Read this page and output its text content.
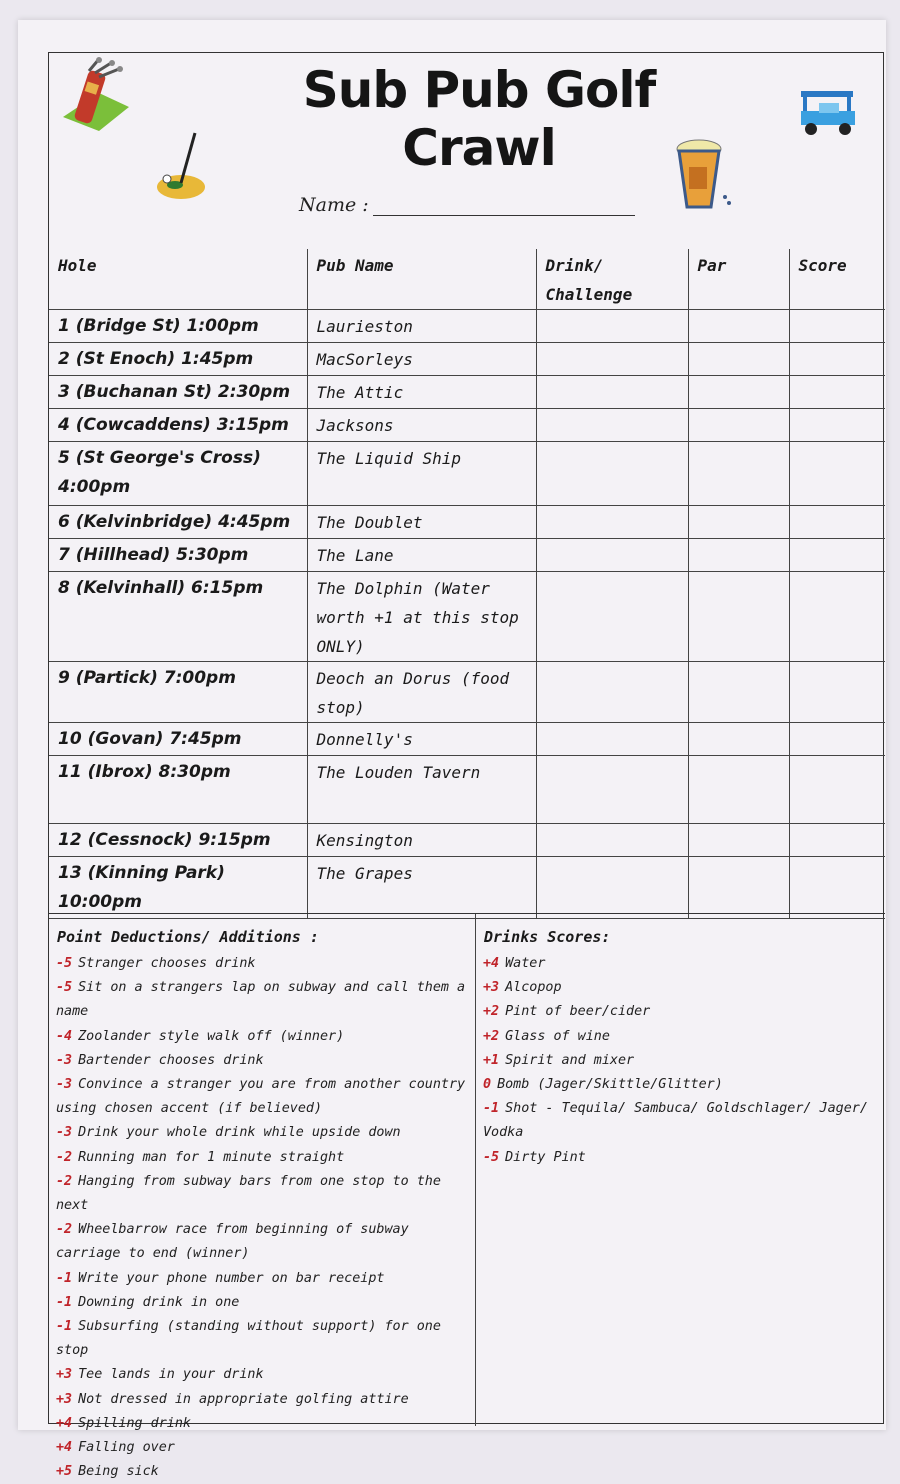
Sub Pub Golf Crawl
Name :
Hole	Pub Name	Drink/ Challenge	Par	Score
1 (Bridge St) 1:00pm	Laurieston			
2 (St Enoch) 1:45pm	MacSorleys			
3 (Buchanan St) 2:30pm	The Attic			
4 (Cowcaddens) 3:15pm	Jacksons			
5 (St George's Cross) 4:00pm	The Liquid Ship			
6 (Kelvinbridge) 4:45pm	The Doublet			
7 (Hillhead) 5:30pm	The Lane			
8 (Kelvinhall) 6:15pm	The Dolphin (Water worth +1 at this stop ONLY)			
9 (Partick) 7:00pm	Deoch an Dorus (food stop)			
10 (Govan) 7:45pm	Donnelly's			
11 (Ibrox) 8:30pm	The Louden Tavern			
12 (Cessnock) 9:15pm	Kensington			
13 (Kinning Park) 10:00pm	The Grapes			
Point Deductions/ Additions :
-5 Stranger chooses drink
-5 Sit on a strangers lap on subway and call them a name
-4 Zoolander style walk off (winner)
-3 Bartender chooses drink
-3 Convince a stranger you are from another country using chosen accent (if believed)
-3 Drink your whole drink while upside down
-2 Running man for 1 minute straight
-2 Hanging from subway bars from one stop to the next
-2 Wheelbarrow race from beginning of subway carriage to end (winner)
-1 Write your phone number on bar receipt
-1 Downing drink in one
-1 Subsurfing (standing without support) for one stop
+3 Tee lands in your drink
+3 Not dressed in appropriate golfing attire
+4 Spilling drink
+4 Falling over
+5 Being sick
Drinks Scores:
+4 Water
+3 Alcopop
+2 Pint of beer/cider
+2 Glass of wine
+1 Spirit and mixer
0 Bomb (Jager/Skittle/Glitter)
-1 Shot - Tequila/ Sambuca/ Goldschlager/ Jager/ Vodka
-5 Dirty Pint
